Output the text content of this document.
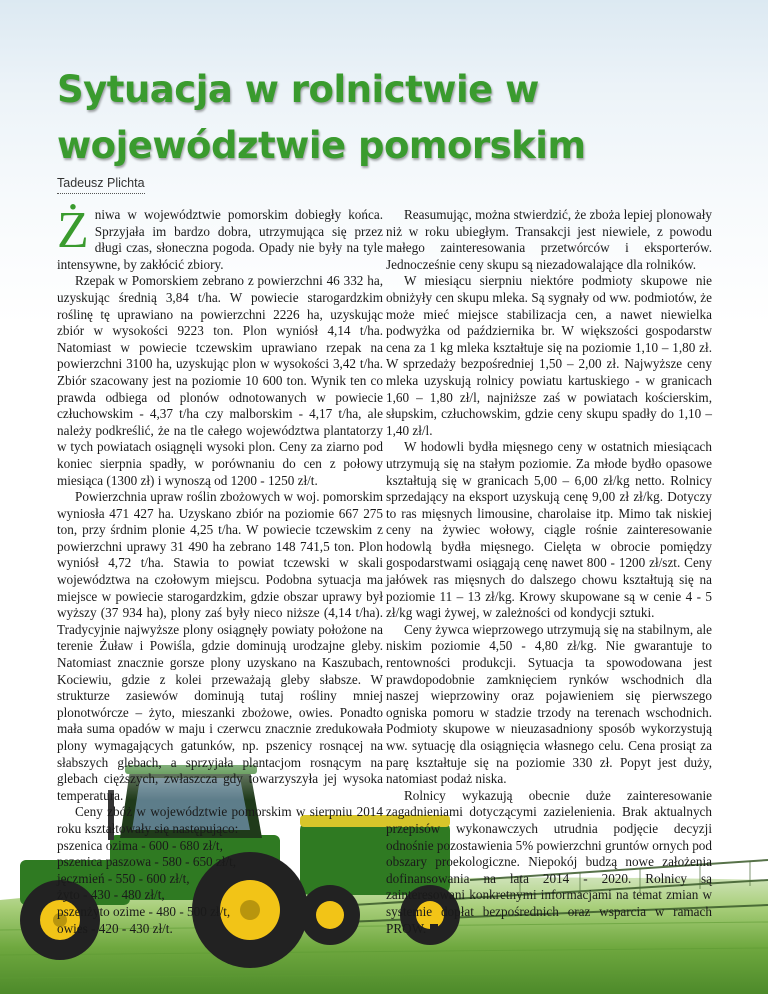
Sytuacja w rolnictwie w województwie pomorskim
Tadeusz Plichta

Żniwa w województwie pomorskim dobiegły końca. Sprzyjała im bardzo dobra, utrzymująca się przez długi czas, słoneczna pogoda. Opady nie były na tyle intensywne, by zakłócić zbiory.

Rzepak w Pomorskiem zebrano z powierzchni 46 332 ha, uzyskując średnią 3,84 t/ha. W powiecie starogardzkim roślinę tę uprawiano na powierzchni 2226 ha, uzyskując zbiór w wysokości 9223 ton. Plon wyniósł 4,14 t/ha. Natomiast w powiecie tczewskim uprawiano rzepak na powierzchni 3100 ha, uzyskując plon w wysokości 3,42 t/ha. Zbiór szacowany jest na poziomie 10 600 ton. Wynik ten co prawda odbiega od plonów odnotowanych w powiecie człuchowskim - 4,37 t/ha czy malborskim - 4,17 t/ha, ale należy podkreślić, że na tle całego województwa plantatorzy w tych powiatach osiągnęli wysoki plon. Ceny za ziarno pod koniec sierpnia spadły, w porównaniu do cen z połowy miesiąca (1300 zł) i wynoszą od 1200 - 1250 zł/t.

Powierzchnia upraw roślin zbożowych w woj. pomorskim wyniosła 471 427 ha. Uzyskano zbiór na poziomie 667 275 ton, przy śrdnim plonie 4,25 t/ha. W powiecie tczewskim z powierzchni uprawy 31 490 ha zebrano 148 741,5 ton. Plon wyniósł 4,72 t/ha. Stawia to powiat tczewski w skali województwa na czołowym miejscu. Podobna sytuacja ma miejsce w powiecie starogardzkim, gdzie obszar uprawy był wyższy (37 934 ha), plony zaś były nieco niższe (4,14 t/ha). Tradycyjnie najwyższe plony osiągnęły powiaty położone na terenie Żuław i Powiśla, gdzie dominują urodzajne gleby. Natomiast znacznie gorsze plony uzyskano na Kaszubach, Kociewiu, gdzie z kolei przeważają gleby słabsze. W strukturze zasiewów dominują tutaj rośliny mniej plonotwórcze – żyto, mieszanki zbożowe, owies. Ponadto mała suma opadów w maju i czerwcu znacznie zredukowała plony wymagających gatunków, np. pszenicy rosnącej na słabszych glebach, a sprzyjała plantacjom rosnącym na glebach cięższych, zwłaszcza gdy towarzyszyła jej wysoka temperatura.

Ceny zbóż w województwie pomorskim w sierpniu 2014 roku kształtowały się następująco:

pszenica ozima - 600 - 680 zł/t,

pszenica paszowa - 580 - 650 zł/t,

jęczmień - 550 - 600 zł/t,

żyto - 430 - 480 zł/t,

pszenżyto ozime - 480 - 500 zł/t,

owies - 420 - 430 zł/t.

Reasumując, można stwierdzić, że zboża lepiej plonowały niż w roku ubiegłym. Transakcji jest niewiele, z powodu małego zainteresowania przetwórców i eksporterów. Jednocześnie ceny skupu są niezadowalające dla rolników.

W miesiącu sierpniu niektóre podmioty skupowe nie obniżyły cen skupu mleka. Są sygnały od ww. podmiotów, że może mieć miejsce stabilizacja cen, a nawet niewielka podwyżka od października br. W większości gospodarstw cena za 1 kg mleka kształtuje się na poziomie 1,10 – 1,80 zł. W sprzedaży bezpośredniej 1,50 – 2,00 zł. Najwyższe ceny mleka uzyskują rolnicy powiatu kartuskiego - w granicach 1,60 – 1,80 zł/l, najniższe zaś w powiatach kościerskim, słupskim, człuchowskim, gdzie ceny skupu spadły do 1,10 – 1,40 zł/l.

W hodowli bydła mięsnego ceny w ostatnich miesiącach utrzymują się na stałym poziomie. Za młode bydło opasowe kształtują się w granicach 5,00 – 6,00 zł/kg netto. Rolnicy sprzedający na eksport uzyskują cenę 9,00 zł zł/kg. Dotyczy to ras mięsnych limousine, charolaise itp. Mimo tak niskiej ceny na żywiec wołowy, ciągle rośnie zainteresowanie hodowlą bydła mięsnego. Cielęta w obrocie pomiędzy gospodarstwami osiągają cenę nawet 800 - 1200 zł/szt. Ceny jałówek ras mięsnych do dalszego chowu kształtują się na poziomie 11 – 13 zł/kg. Krowy skupowane są w cenie 4 - 5 zł/kg wagi żywej, w zależności od kondycji sztuki.

Ceny żywca wieprzowego utrzymują się na stabilnym, ale niskim poziomie 4,50 - 4,80 zł/kg. Nie gwarantuje to rentowności produkcji. Sytuacja ta spowodowana jest prawdopodobnie zamknięciem rynków wschodnich dla naszej wieprzowiny oraz pojawieniem się pierwszego ogniska pomoru w stadzie trzody na terenach wschodnich. Podmioty skupowe w nieuzasadniony sposób wykorzystują ww. sytuację dla osiągnięcia własnego celu. Cena prosiąt za parę kształtuje się na poziomie 330 zł. Popyt jest duży, natomiast podaż niska.

Rolnicy wykazują obecnie duże zainteresowanie zagadnieniami dotyczącymi zazielenienia. Brak aktualnych przepisów wykonawczych utrudnia podjęcie decyzji odnośnie pozostawienia 5% powierzchni gruntów ornych pod obszary proekologiczne. Niepokój budzą nowe założenia dofinansowania na lata 2014 - 2020. Rolnicy są zainteresowani konkretnymi informacjami na temat zmian w systemie dopłat bezpośrednich oraz wsparcia w ramach PROW.
